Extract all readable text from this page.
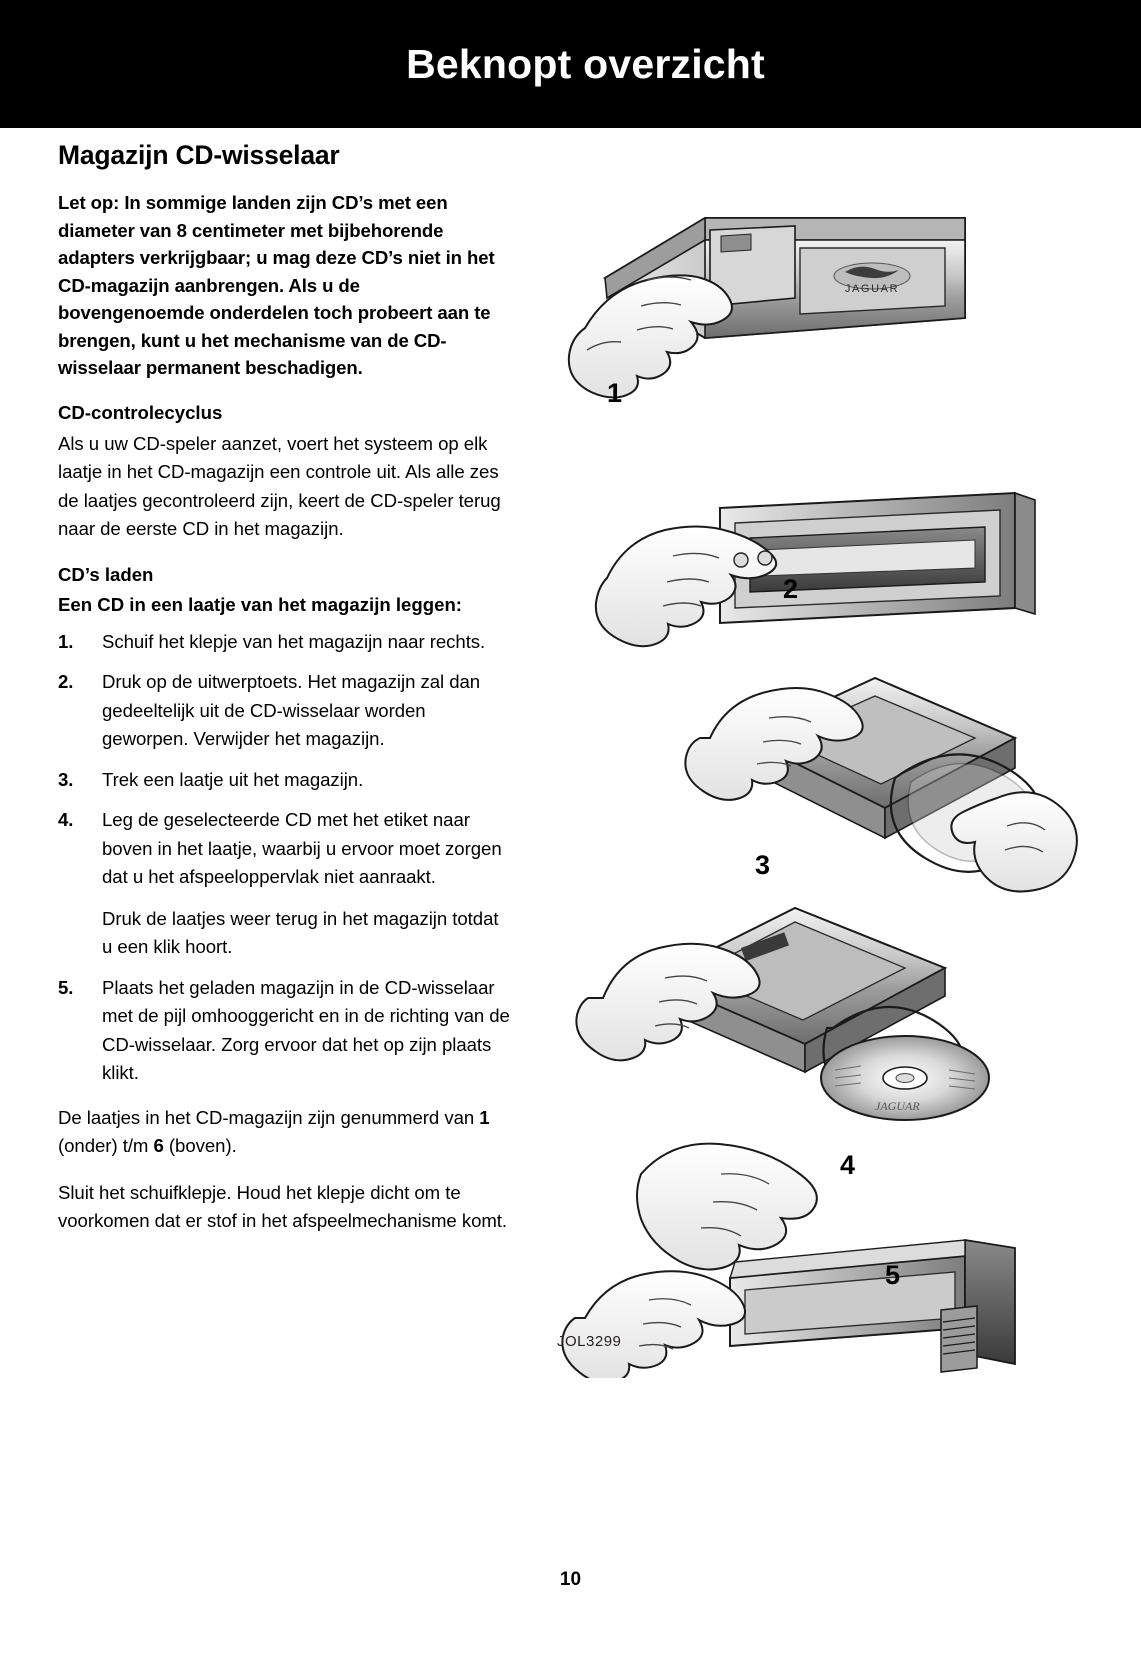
Beknopt overzicht
Magazijn CD-wisselaar

Let op: In sommige landen zijn CD’s met een diameter van 8 centimeter met bijbehorende adapters verkrijgbaar; u mag deze CD’s niet in het CD-magazijn aanbrengen. Als u de bovengenoemde onderdelen toch probeert aan te brengen, kunt u het mechanisme van de CD-wisselaar permanent beschadigen.

CD-controlecyclus

Als u uw CD-speler aanzet, voert het systeem op elk laatje in het CD-magazijn een controle uit. Als alle zes de laatjes gecontroleerd zijn, keert de CD-speler terug naar de eerste CD in het magazijn.

CD’s laden
Een CD in een laatje van het magazijn leggen:
1. Schuif het klepje van het magazijn naar rechts.
2. Druk op de uitwerptoets. Het magazijn zal dan gedeeltelijk uit de CD-wisselaar worden geworpen. Verwijder het magazijn.
3. Trek een laatje uit het magazijn.
4. Leg de geselecteerde CD met het etiket naar boven in het laatje, waarbij u ervoor moet zorgen dat u het afspeeloppervlak niet aanraakt.
Druk de laatjes weer terug in het magazijn totdat u een klik hoort.
5. Plaats het geladen magazijn in de CD-wisselaar met de pijl omhooggericht en in de richting van de CD-wisselaar. Zorg ervoor dat het op zijn plaats klikt.

De laatjes in het CD-magazijn zijn genummerd van 1 (onder) t/m 6 (boven).

Sluit het schuifklepje. Houd het klepje dicht om te voorkomen dat er stof in het afspeelmechanisme komt.

JAGUAR
JAGUAR
1
2
3
4
5
JOL3299
10
